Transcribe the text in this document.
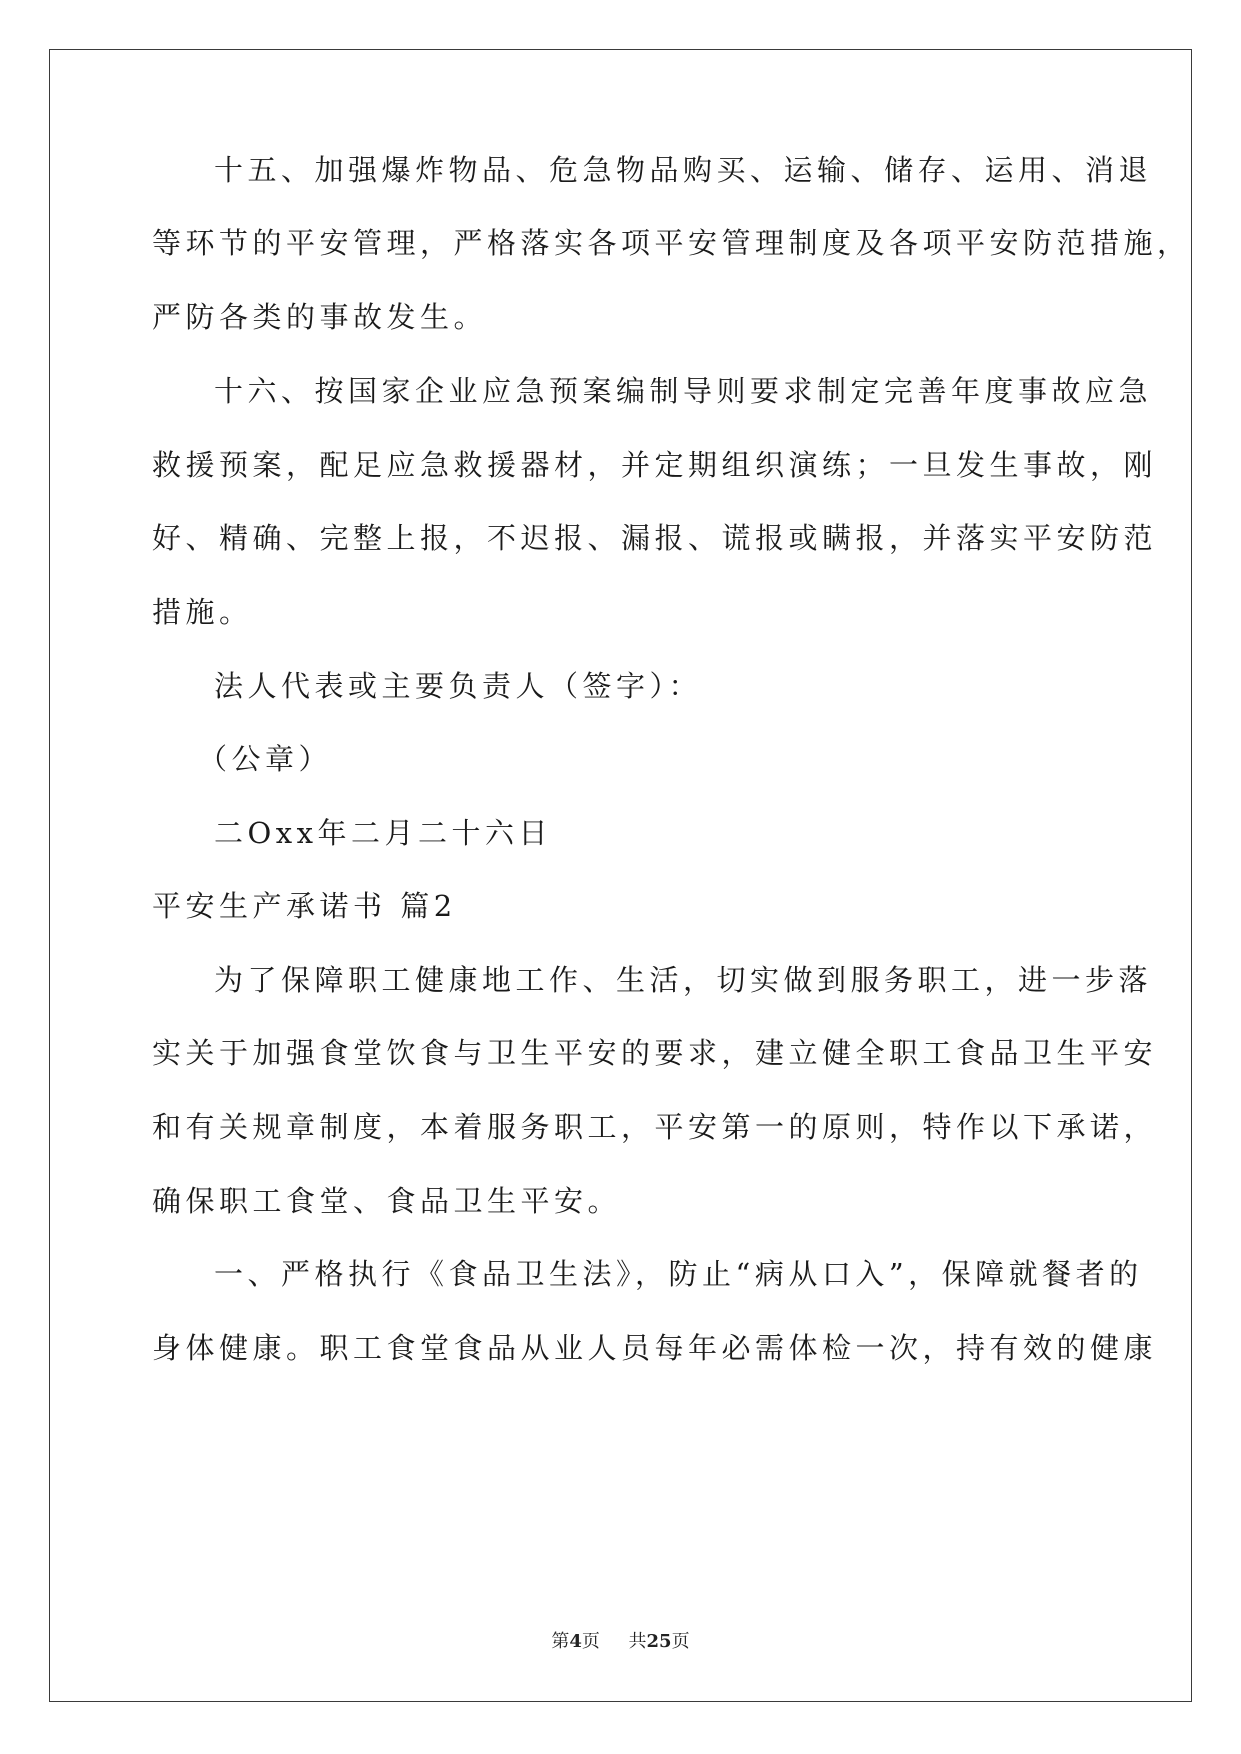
十五、加强爆炸物品、危急物品购买、运输、储存、运用、消退
等环节的平安管理，严格落实各项平安管理制度及各项平安防范措施，
严防各类的事故发生。
十六、按国家企业应急预案编制导则要求制定完善年度事故应急
救援预案，配足应急救援器材，并定期组织演练；一旦发生事故，刚
好、精确、完整上报，不迟报、漏报、谎报或瞒报，并落实平安防范
措施。
法人代表或主要负责人（签字）：
（公章）
二Oxx年二月二十六日
平安生产承诺书 篇2
为了保障职工健康地工作、生活，切实做到服务职工，进一步落
实关于加强食堂饮食与卫生平安的要求，建立健全职工食品卫生平安
和有关规章制度，本着服务职工，平安第一的原则，特作以下承诺，
确保职工食堂、食品卫生平安。
一、严格执行《食品卫生法》，防止“病从口入”，保障就餐者的
身体健康。职工食堂食品从业人员每年必需体检一次，持有效的健康
第4页 共25页
